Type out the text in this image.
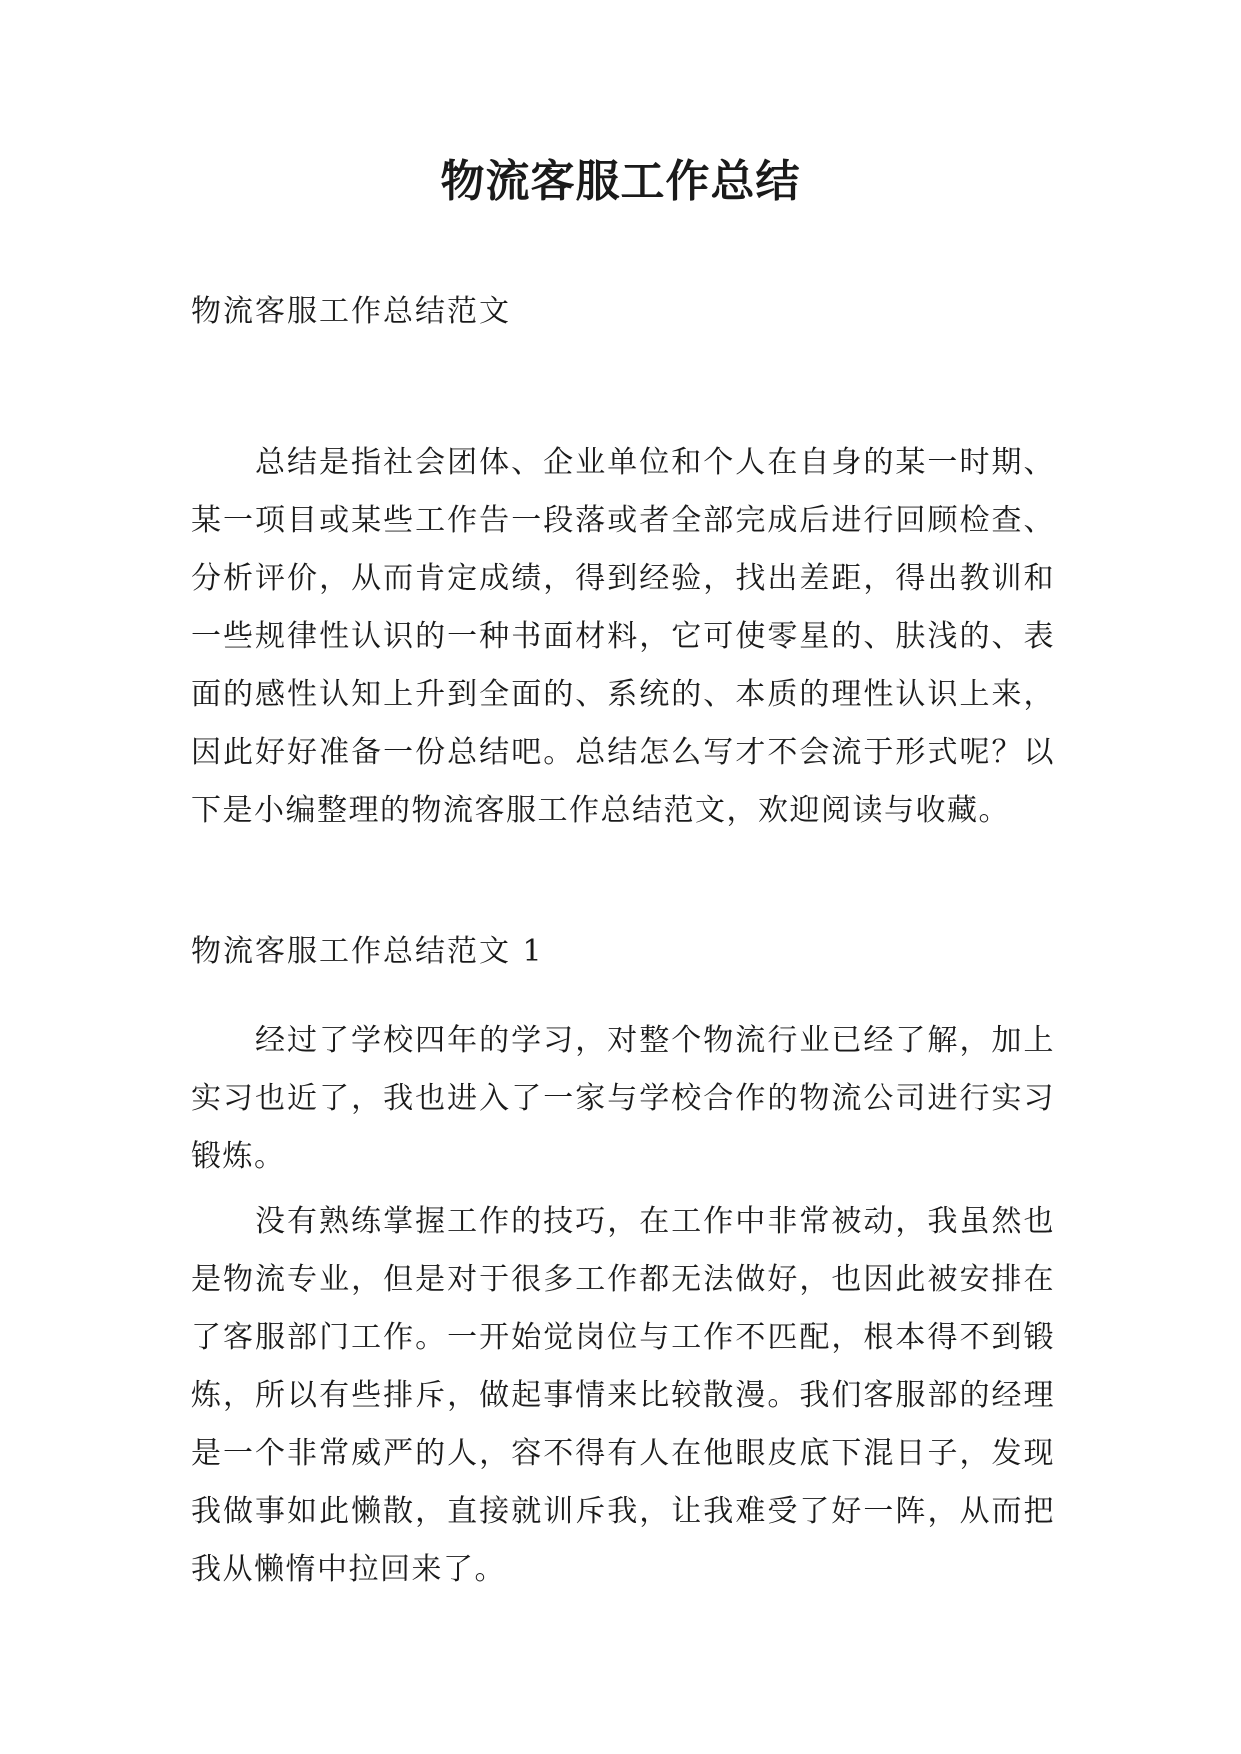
物流客服工作总结
物流客服工作总结范文

总结是指社会团体、企业单位和个人在自身的某一时期、某一项目或某些工作告一段落或者全部完成后进行回顾检查、分析评价，从而肯定成绩，得到经验，找出差距，得出教训和一些规律性认识的一种书面材料，它可使零星的、肤浅的、表面的感性认知上升到全面的、系统的、本质的理性认识上来，因此好好准备一份总结吧。总结怎么写才不会流于形式呢？以下是小编整理的物流客服工作总结范文，欢迎阅读与收藏。

物流客服工作总结范文 1

经过了学校四年的学习，对整个物流行业已经了解，加上实习也近了，我也进入了一家与学校合作的物流公司进行实习锻炼。

没有熟练掌握工作的技巧，在工作中非常被动，我虽然也是物流专业，但是对于很多工作都无法做好，也因此被安排在了客服部门工作。一开始觉岗位与工作不匹配，根本得不到锻炼，所以有些排斥，做起事情来比较散漫。我们客服部的经理是一个非常威严的人，容不得有人在他眼皮底下混日子，发现我做事如此懒散，直接就训斥我，让我难受了好一阵，从而把我从懒惰中拉回来了。
